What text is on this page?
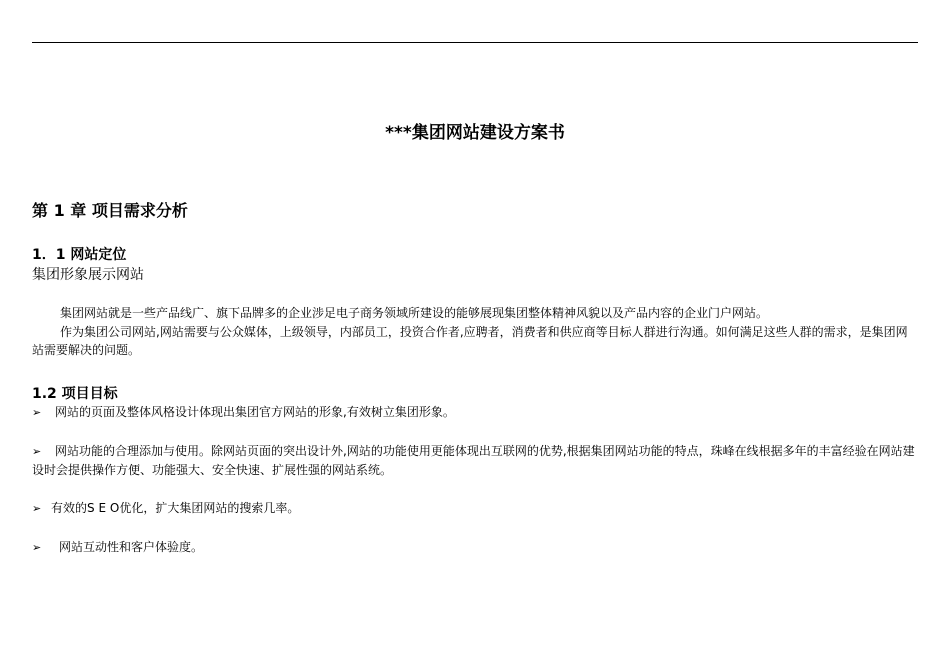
***集团网站建设方案书
第 1 章 项目需求分析
1．1 网站定位
集团形象展示网站
集团网站就是一些产品线广、旗下品牌多的企业涉足电子商务领域所建设的能够展现集团整体精神风貌以及产品内容的企业门户网站。
作为集团公司网站,网站需要与公众媒体，上级领导，内部员工，投资合作者,应聘者，消费者和供应商等目标人群进行沟通。如何满足这些人群的需求，是集团网站需要解决的问题。
1.2 项目目标
➢ 网站的页面及整体风格设计体现出集团官方网站的形象,有效树立集团形象。
➢ 网站功能的合理添加与使用。除网站页面的突出设计外,网站的功能使用更能体现出互联网的优势,根据集团网站功能的特点，珠峰在线根据多年的丰富经验在网站建设时会提供操作方便、功能强大、安全快速、扩展性强的网站系统。
➢ 有效的S E O优化，扩大集团网站的搜索几率。
➢ 网站互动性和客户体验度。
